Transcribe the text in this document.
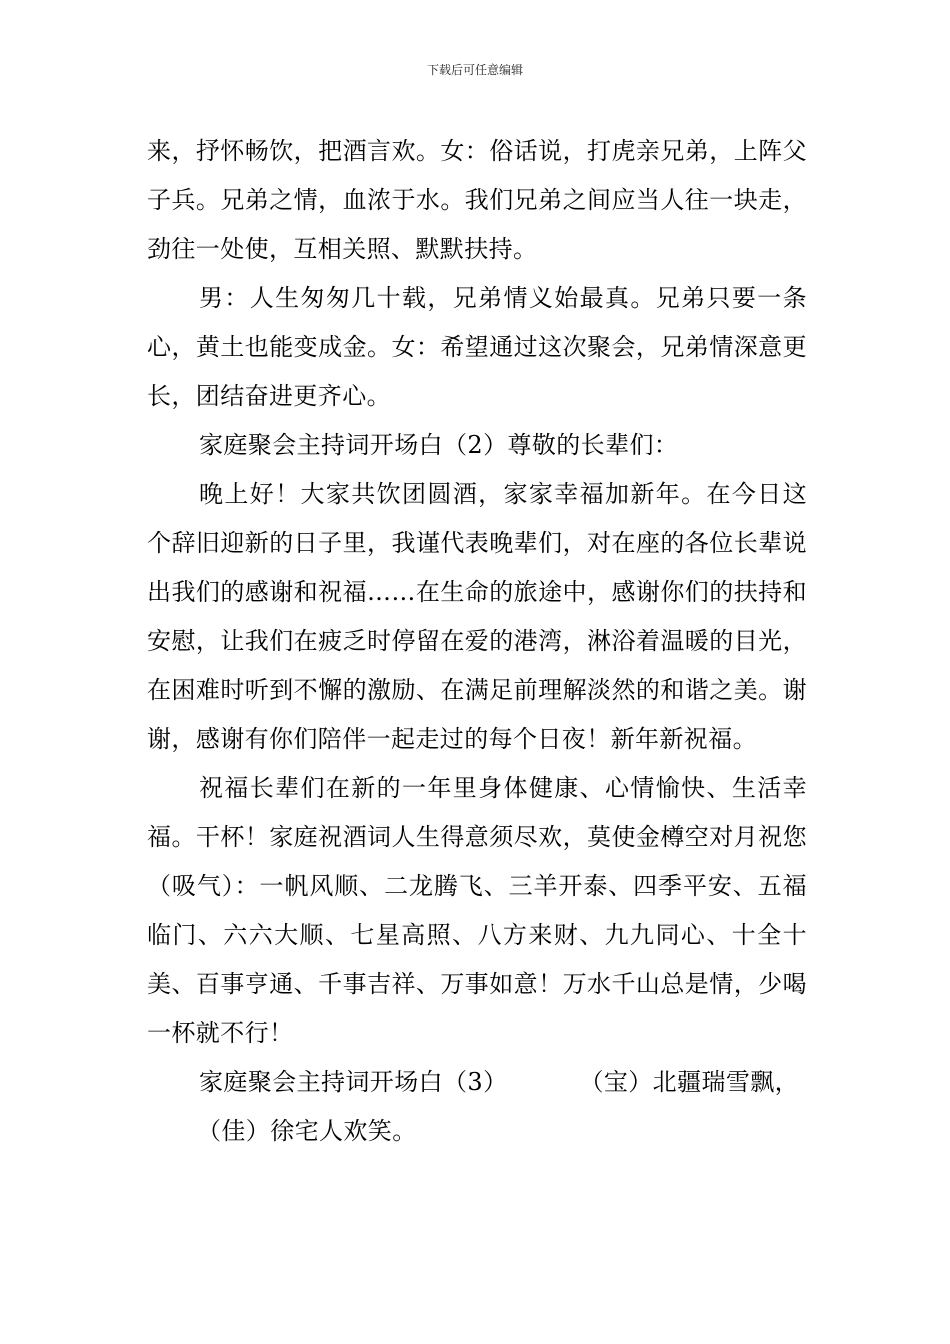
下载后可任意编辑

来，抒怀畅饮，把酒言欢。女：俗话说，打虎亲兄弟，上阵父子兵。兄弟之情，血浓于水。我们兄弟之间应当人往一块走，劲往一处使，互相关照、默默扶持。

男：人生匆匆几十载，兄弟情义始最真。兄弟只要一条心，黄土也能变成金。女：希望通过这次聚会，兄弟情深意更长，团结奋进更齐心。

家庭聚会主持词开场白（2）尊敬的长辈们：

晚上好！大家共饮团圆酒，家家幸福加新年。在今日这个辞旧迎新的日子里，我谨代表晚辈们，对在座的各位长辈说出我们的感谢和祝福……在生命的旅途中，感谢你们的扶持和安慰，让我们在疲乏时停留在爱的港湾，淋浴着温暖的目光，在困难时听到不懈的激励、在满足前理解淡然的和谐之美。谢谢，感谢有你们陪伴一起走过的每个日夜！新年新祝福。

祝福长辈们在新的一年里身体健康、心情愉快、生活幸福。干杯！家庭祝酒词人生得意须尽欢，莫使金樽空对月祝您（吸气）：一帆风顺、二龙腾飞、三羊开泰、四季平安、五福临门、六六大顺、七星高照、八方来财、九九同心、十全十美、百事亨通、千事吉祥、万事如意！万水千山总是情，少喝一杯就不行！

家庭聚会主持词开场白（3）	（宝）北疆瑞雪飘，

（佳）徐宅人欢笑。
